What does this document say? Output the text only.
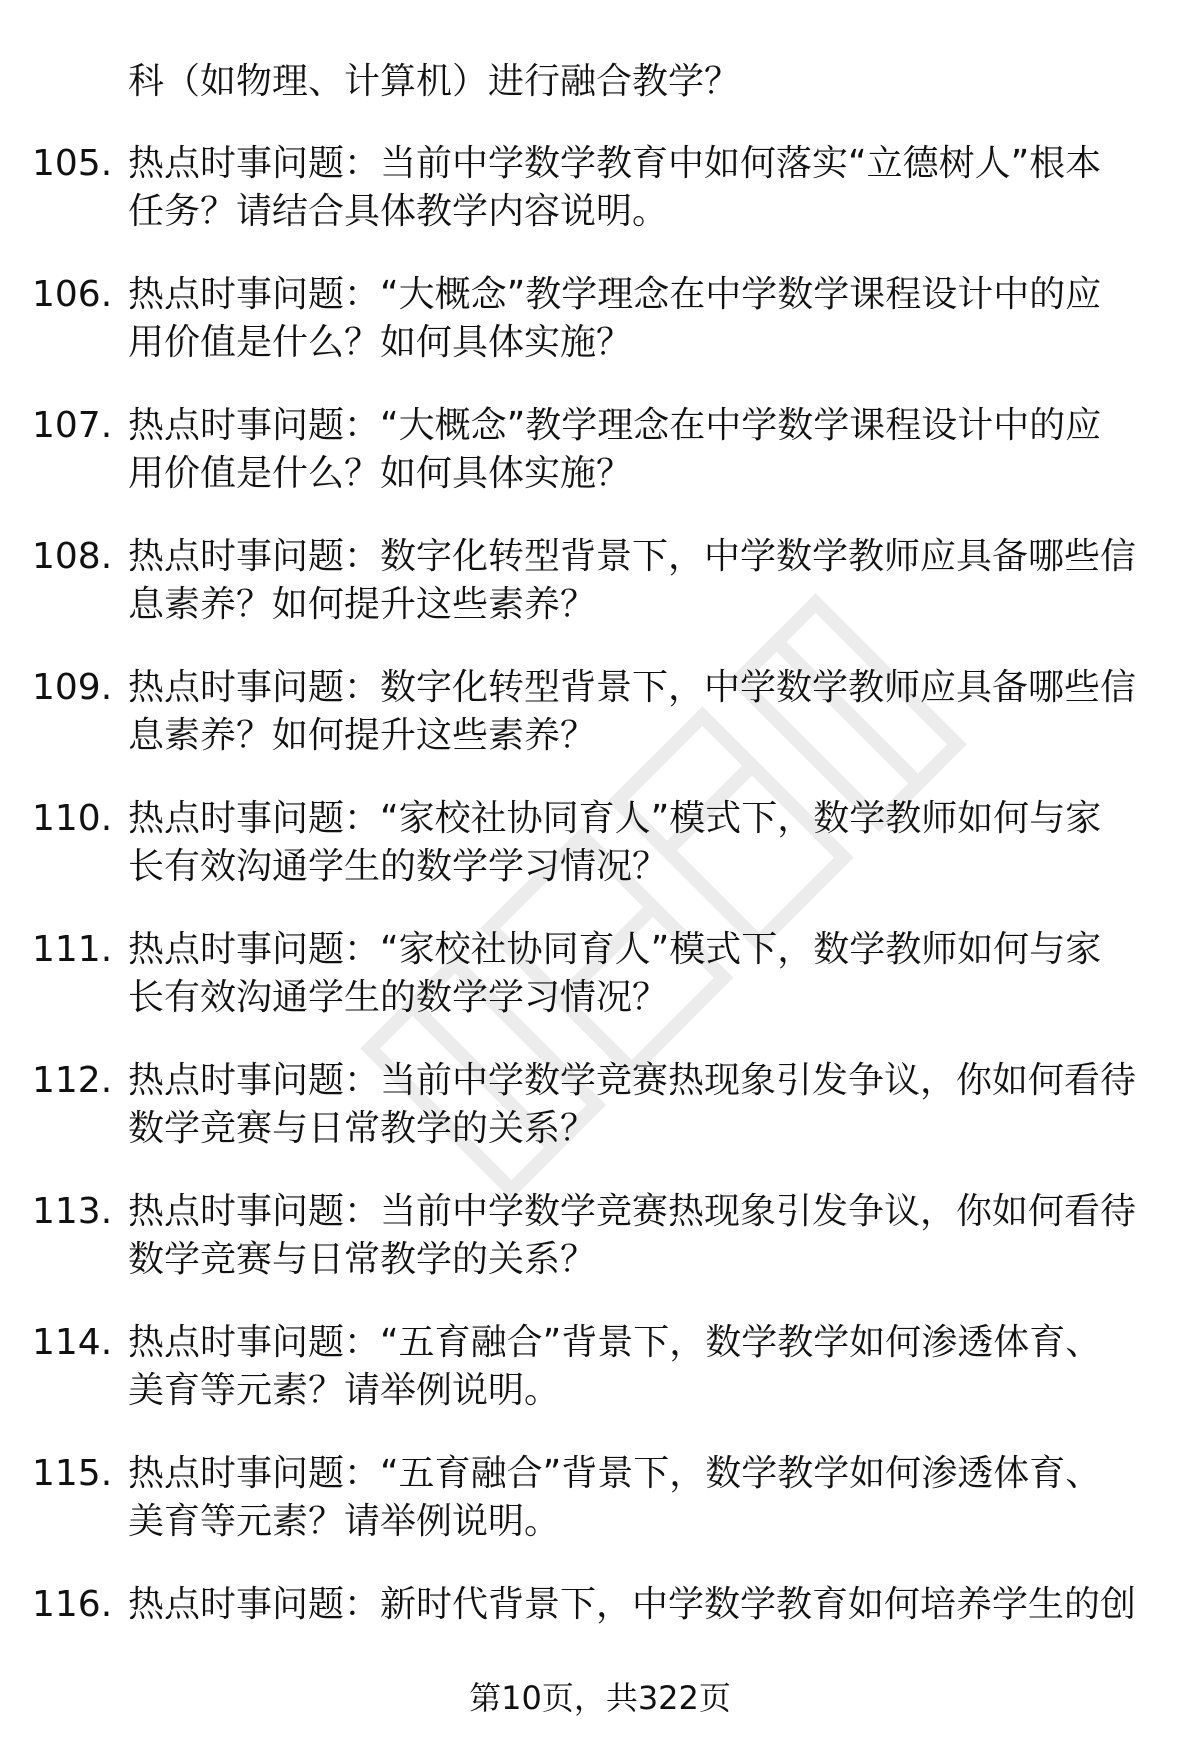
科（如物理、计算机）进行融合教学？
105. 热点时事问题：当前中学数学教育中如何落实“立德树人”根本
任务？请结合具体教学内容说明。
106. 热点时事问题：“大概念”教学理念在中学数学课程设计中的应
用价值是什么？如何具体实施？
107. 热点时事问题：“大概念”教学理念在中学数学课程设计中的应
用价值是什么？如何具体实施？
108. 热点时事问题：数字化转型背景下，中学数学教师应具备哪些信
息素养？如何提升这些素养？
109. 热点时事问题：数字化转型背景下，中学数学教师应具备哪些信
息素养？如何提升这些素养？
110. 热点时事问题：“家校社协同育人”模式下，数学教师如何与家
长有效沟通学生的数学学习情况？
111. 热点时事问题：“家校社协同育人”模式下，数学教师如何与家
长有效沟通学生的数学学习情况？
112. 热点时事问题：当前中学数学竞赛热现象引发争议，你如何看待
数学竞赛与日常教学的关系？
113. 热点时事问题：当前中学数学竞赛热现象引发争议，你如何看待
数学竞赛与日常教学的关系？
114. 热点时事问题：“五育融合”背景下，数学教学如何渗透体育、
美育等元素？请举例说明。
115. 热点时事问题：“五育融合”背景下，数学教学如何渗透体育、
美育等元素？请举例说明。
116. 热点时事问题：新时代背景下，中学数学教育如何培养学生的创
第10页，共322页
